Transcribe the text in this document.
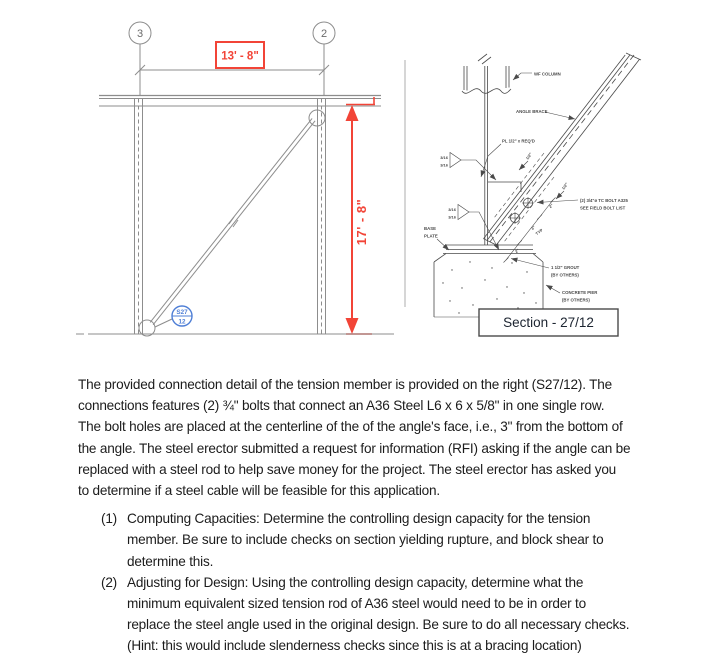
3	2
13' - 8"
S27
12
17' - 8"
WF COLUMN
ANGLE BRACE
PL 1/2" x REQ'D
3/16
3/16
3/16
3/16
1/2"
1/2"
(2) 3/4"ø TC BOLT A325
SEE FIELD BOLT LIST
2"
3"
TYP
2"
BASE
PLATE
1 1/2" GROUT
(BY OTHERS)
CONCRETE PIER
(BY OTHERS)
Section - 27/12
The provided connection detail of the tension member is provided on the right (S27/12). The
connections features (2) ¾" bolts that connect an A36 Steel L6 x 6 x 5/8" in one single row.
The bolt holes are placed at the centerline of the of the angle's face, i.e., 3" from the bottom of
the angle. The steel erector submitted a request for information (RFI) asking if the angle can be
replaced with a steel rod to help save money for the project. The steel erector has asked you
to determine if a steel cable will be feasible for this application.
(1) Computing Capacities: Determine the controlling design capacity for the tension
member. Be sure to include checks on section yielding rupture, and block shear to
determine this.
(2) Adjusting for Design: Using the controlling design capacity, determine what the
minimum equivalent sized tension rod of A36 steel would need to be in order to
replace the steel angle used in the original design. Be sure to do all necessary checks.
(Hint: this would include slenderness checks since this is at a bracing location)
